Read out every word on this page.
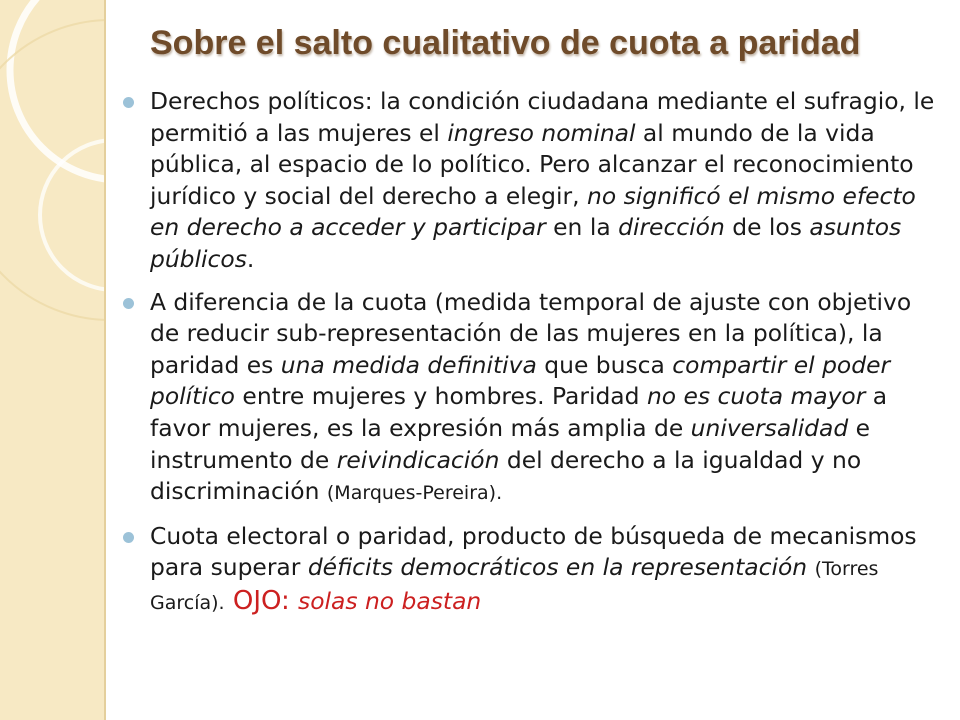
Sobre el salto cualitativo de cuota a paridad
Derechos políticos: la condición ciudadana mediante el sufragio, le permitió a las mujeres el ingreso nominal al mundo de la vida pública, al espacio de lo político. Pero alcanzar el reconocimiento jurídico y social del derecho a elegir, no significó el mismo efecto en derecho a acceder y participar en la dirección de los asuntos públicos.
A diferencia de la cuota (medida temporal de ajuste con objetivo de reducir sub-representación de las mujeres en la política), la paridad es una medida definitiva que busca compartir el poder político entre mujeres y hombres. Paridad no es cuota mayor a favor mujeres, es la expresión más amplia de universalidad e instrumento de reivindicación del derecho a la igualdad y no discriminación (Marques-Pereira).
Cuota electoral o paridad, producto de búsqueda de mecanismos para superar déficits democráticos en la representación (Torres García). OJO: solas no bastan
